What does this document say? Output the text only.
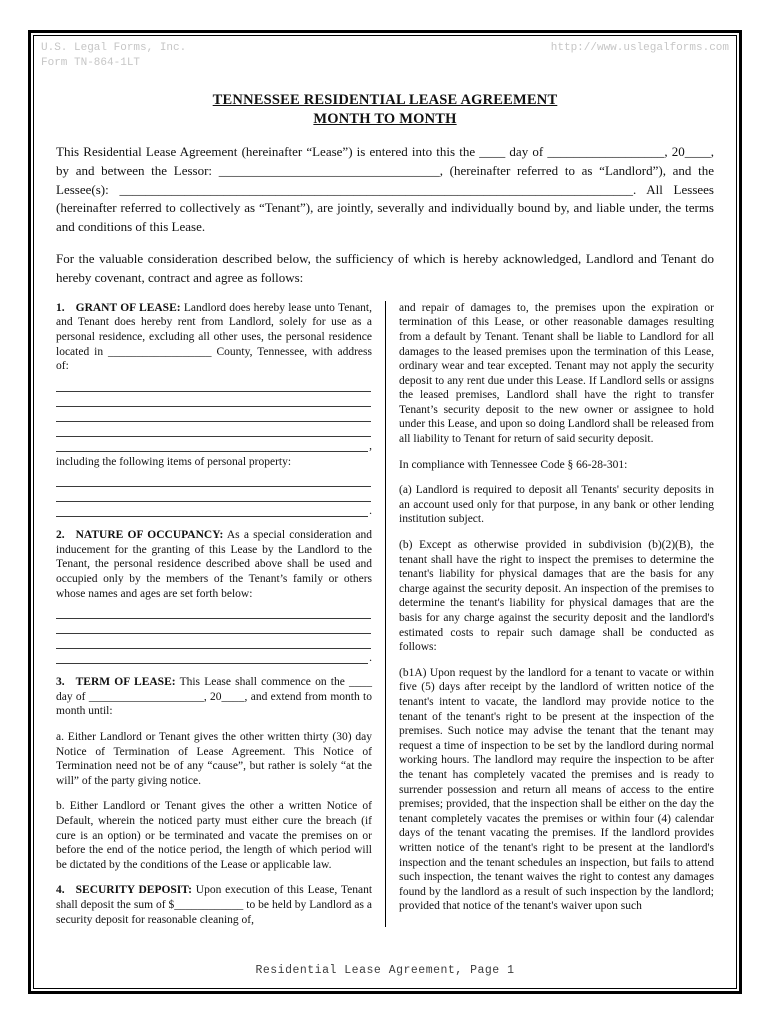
U.S. Legal Forms, Inc.	http://www.uslegalforms.com
Form TN-864-1LT
TENNESSEE RESIDENTIAL LEASE AGREEMENT
MONTH TO MONTH

This Residential Lease Agreement (hereinafter “Lease”) is entered into this the ____ day of __________________, 20____, by and between the Lessor: __________________________________, (hereinafter referred to as “Landlord”), and the Lessee(s): _______________________________________________________________________________. All Lessees (hereinafter referred to collectively as “Tenant”), are jointly, severally and individually bound by, and liable under, the terms and conditions of this Lease.

For the valuable consideration described below, the sufficiency of which is hereby acknowledged, Landlord and Tenant do hereby covenant, contract and agree as follows:

1. GRANT OF LEASE: Landlord does hereby lease unto Tenant, and Tenant does hereby rent from Landlord, solely for use as a personal residence, excluding all other uses, the personal residence located in __________________ County, Tennessee, with address of:

,
including the following items of personal property:
.

2. NATURE OF OCCUPANCY: As a special consideration and inducement for the granting of this Lease by the Landlord to the Tenant, the personal residence described above shall be used and occupied only by the members of the Tenant’s family or others whose names and ages are set forth below:

.

3. TERM OF LEASE: This Lease shall commence on the ____ day of ____________________, 20____, and extend from month to month until:

a. Either Landlord or Tenant gives the other written thirty (30) day Notice of Termination of Lease Agreement. This Notice of Termination need not be of any “cause”, but rather is solely “at the will” of the party giving notice.

b. Either Landlord or Tenant gives the other a written Notice of Default, wherein the noticed party must either cure the breach (if cure is an option) or be terminated and vacate the premises on or before the end of the notice period, the length of which period will be dictated by the conditions of the Lease or applicable law.

4. SECURITY DEPOSIT: Upon execution of this Lease, Tenant shall deposit the sum of $____________ to be held by Landlord as a security deposit for reasonable cleaning of,

and repair of damages to, the premises upon the expiration or termination of this Lease, or other reasonable damages resulting from a default by Tenant. Tenant shall be liable to Landlord for all damages to the leased premises upon the termination of this Lease, ordinary wear and tear excepted. Tenant may not apply the security deposit to any rent due under this Lease. If Landlord sells or assigns the leased premises, Landlord shall have the right to transfer Tenant’s security deposit to the new owner or assignee to hold under this Lease, and upon so doing Landlord shall be released from all liability to Tenant for return of said security deposit.

In compliance with Tennessee Code § 66-28-301:

(a) Landlord is required to deposit all Tenants' security deposits in an account used only for that purpose, in any bank or other lending institution subject.

(b) Except as otherwise provided in subdivision (b)(2)(B), the tenant shall have the right to inspect the premises to determine the tenant's liability for physical damages that are the basis for any charge against the security deposit. An inspection of the premises to determine the tenant's liability for physical damages that are the basis for any charge against the security deposit and the landlord's estimated costs to repair such damage shall be conducted as follows:

(b1A) Upon request by the landlord for a tenant to vacate or within five (5) days after receipt by the landlord of written notice of the tenant's intent to vacate, the landlord may provide notice to the tenant of the tenant's right to be present at the inspection of the premises. Such notice may advise the tenant that the tenant may request a time of inspection to be set by the landlord during normal working hours. The landlord may require the inspection to be after the tenant has completely vacated the premises and is ready to surrender possession and return all means of access to the entire premises; provided, that the inspection shall be either on the day the tenant completely vacates the premises or within four (4) calendar days of the tenant vacating the premises. If the landlord provides written notice of the tenant's right to be present at the landlord's inspection and the tenant schedules an inspection, but fails to attend such inspection, the tenant waives the right to contest any damages found by the landlord as a result of such inspection by the landlord; provided that notice of the tenant's waiver upon such

Residential Lease Agreement, Page 1
